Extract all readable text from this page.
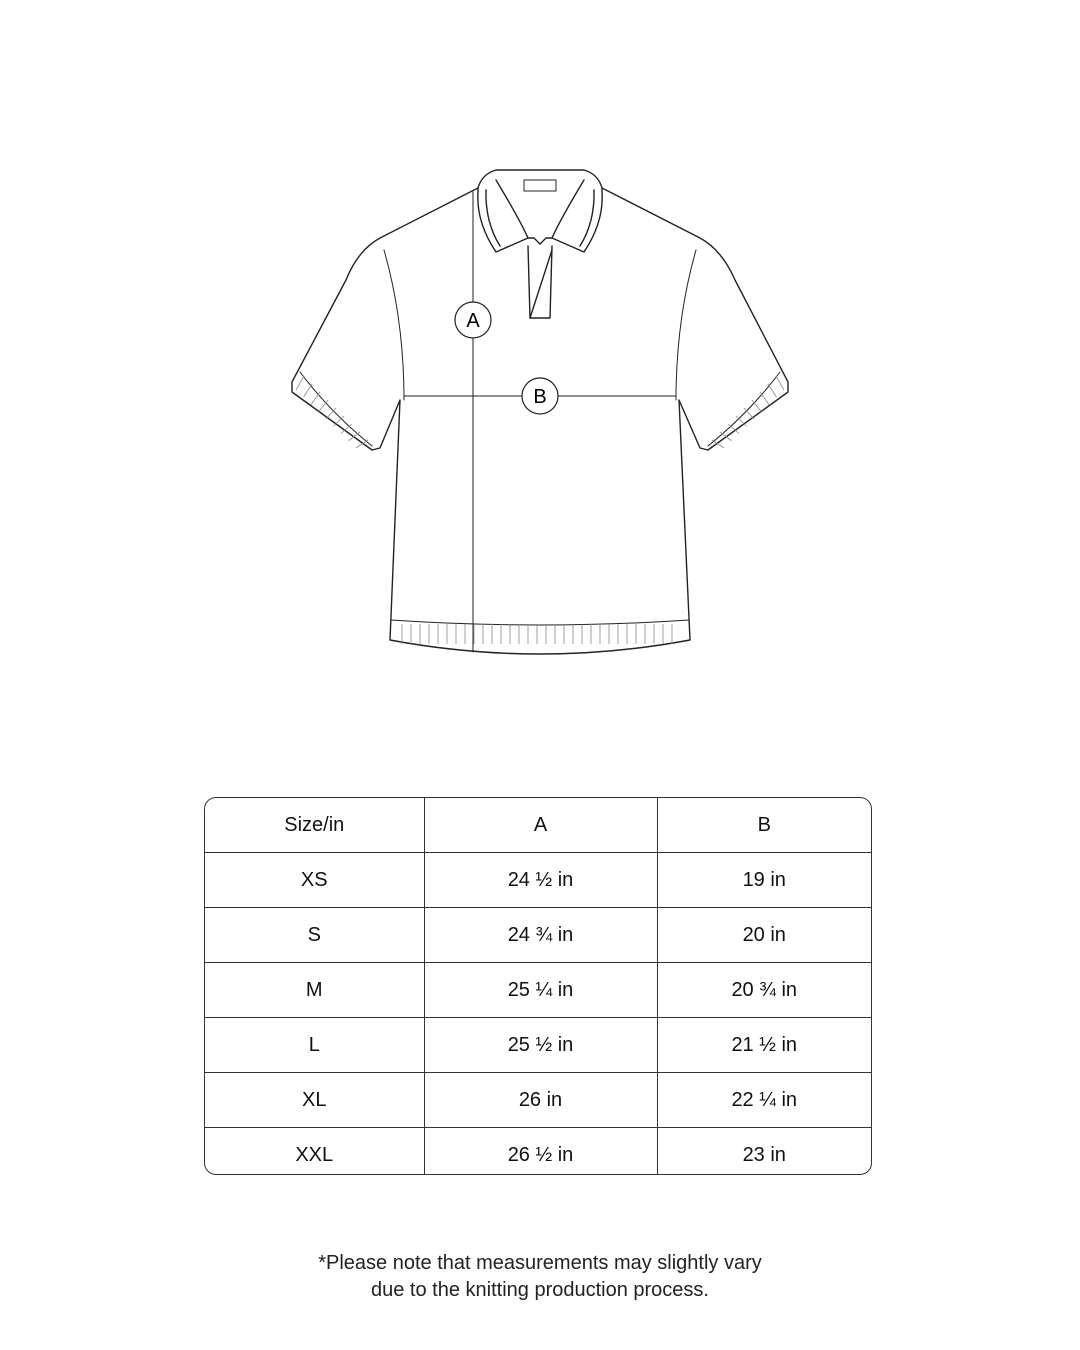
A
B
Size/in	A	B
XS	24 ½ in	19 in
S	24 ¾ in	20 in
M	25 ¼ in	20 ¾ in
L	25 ½ in	21 ½ in
XL	26 in	22 ¼ in
XXL	26 ½ in	23 in
*Please note that measurements may slightly vary
due to the knitting production process.
